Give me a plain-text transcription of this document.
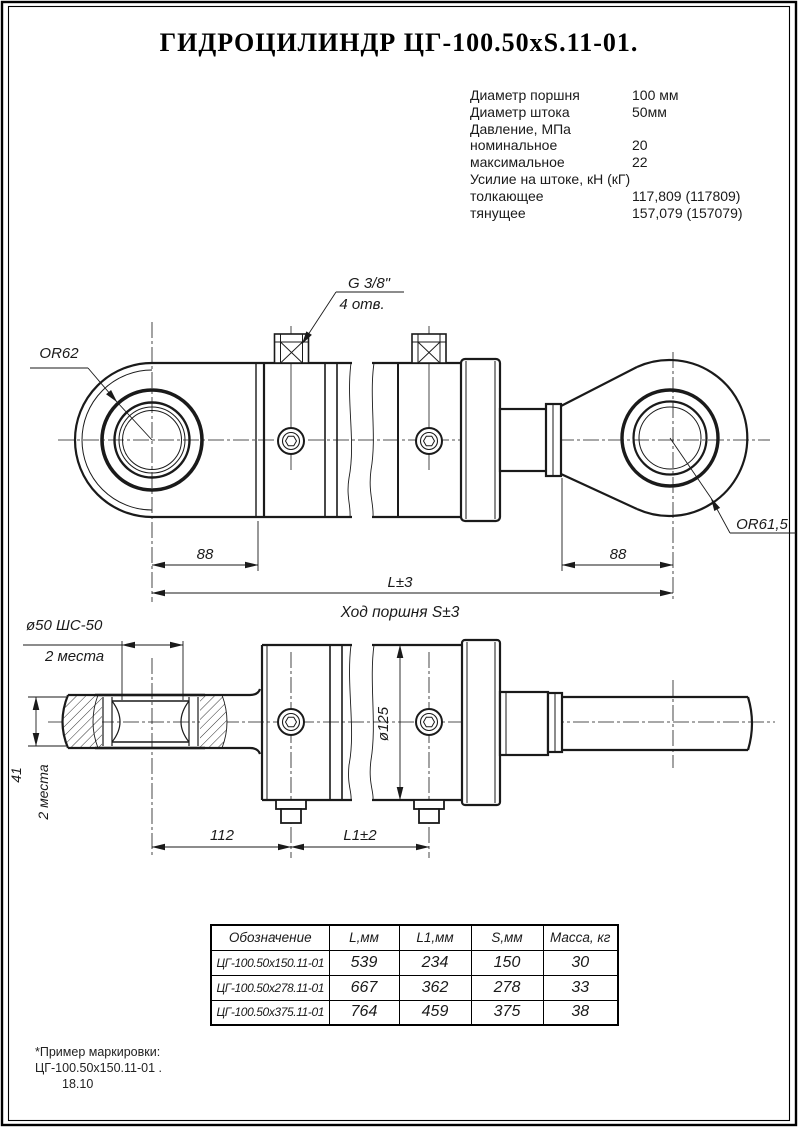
G 3/8"
4 отв.
OR62
OR61,5
88	88
L±3
Ход поршня S±3
ø50 ШС-50
2 места
41 2 места
112	L1±2
ø125
ГИДРОЦИЛИНДР ЦГ-100.50xS.11-01.
Диаметр поршня	100 мм
Диаметр штока	50мм
Давление, МПа
номинальное	20
максимальное	22
Усилие на штоке, кН (кГ)
толкающее	117,809 (117809)
тянущее	157,079 (157079)
Обозначение	L,мм	L1,мм	S,мм	Масса, кг
ЦГ-100.50x150.11-01	539	234	150	30
ЦГ-100.50x278.11-01	667	362	278	33
ЦГ-100.50x375.11-01	764	459	375	38
*Пример маркировки:
ЦГ-100.50x150.11-01 .
18.10
